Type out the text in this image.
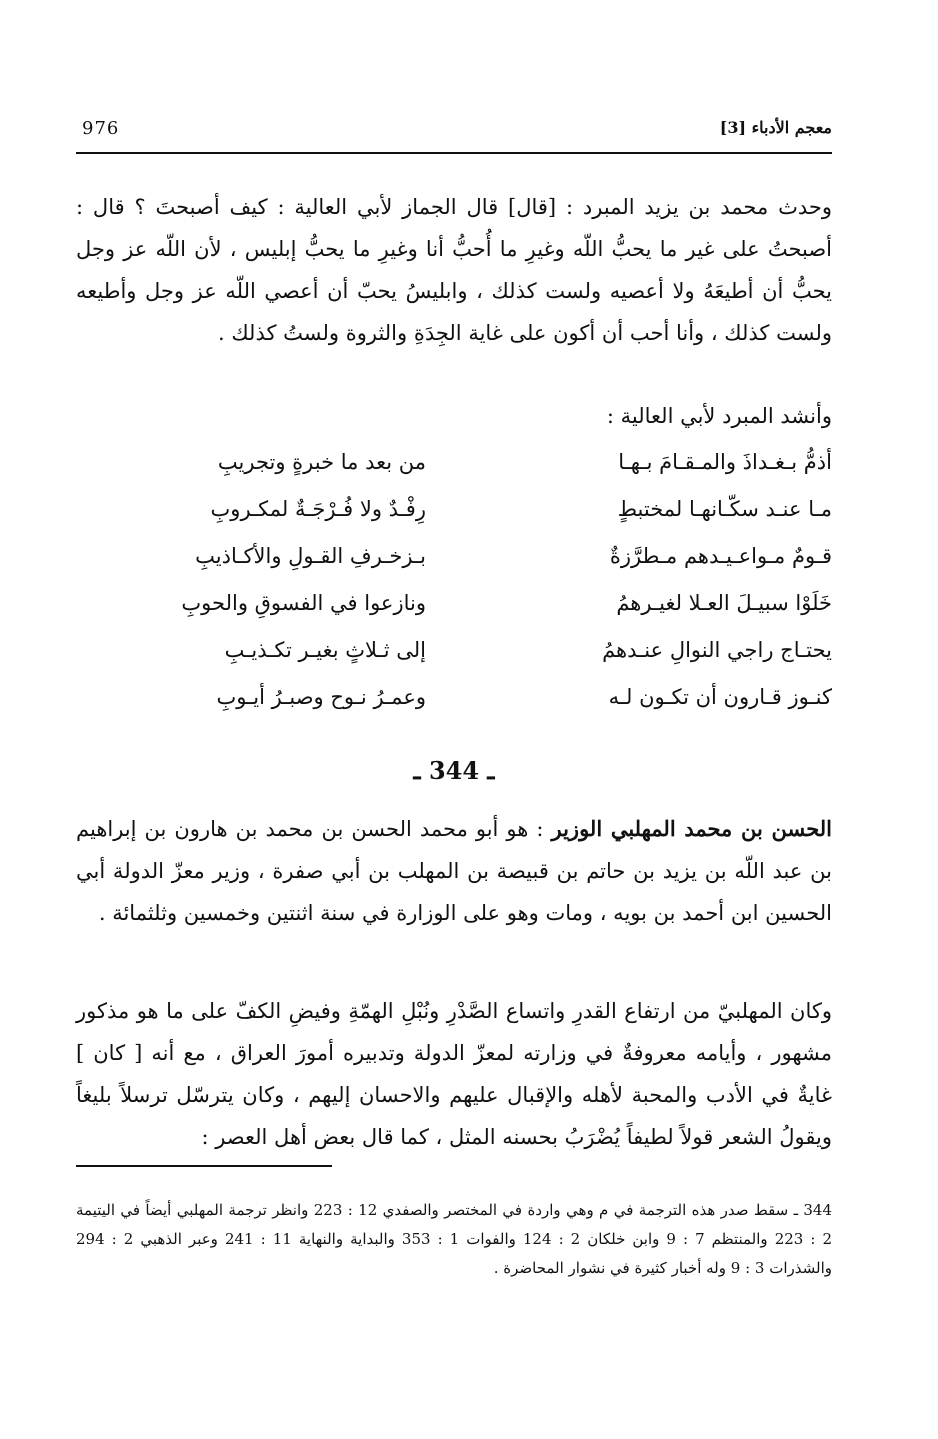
معجم الأدباء [3]
976

وحدث محمد بن يزيد المبرد : [قال] قال الجماز لأبي العالية : كيف أصبحتَ ؟ قال : أصبحتُ على غير ما يحبُّ اللّه وغيرِ ما أُحبُّ أنا وغيرِ ما يحبُّ إبليس ، لأن اللّه عز وجل يحبُّ أن أطيعَهُ ولا أعصيه ولست كذلك ، وابليسُ يحبّ أن أعصي اللّه عز وجل وأطيعه ولست كذلك ، وأنا أحب أن أكون على غاية الجِدَةِ والثروة ولستُ كذلك .

وأنشد المبرد لأبي العالية :
أذمُّ بـغـداذَ والمـقـامَ بـهـا
من بعد ما خبرةٍ وتجريبِ
مـا عنـد سكّـانهـا لمختبطٍ
رِفْـدٌ ولا فُـرْجَـةٌ لمكـروبِ
قـومٌ مـواعـيـدهم مـطرَّزةٌ
بـزخـرفِ القـولِ والأكـاذيبِ
خَلَوْا سبيـلَ العـلا لغيـرهمُ
ونازعوا في الفسوقِ والحوبِ
يحتـاج راجي النوالِ عنـدهمُ
إلى ثـلاثٍ بغيـر تكـذيـبِ
كنـوز قـارون أن تكـون لـه
وعمـرُ نـوح وصبـرُ أيـوبِ
ـ 344 ـ

الحسن بن محمد المهلبي الوزير : هو أبو محمد الحسن بن محمد بن هارون بن إبراهيم بن عبد اللّه بن يزيد بن حاتم بن قبيصة بن المهلب بن أبي صفرة ، وزير معزّ الدولة أبي الحسين ابن أحمد بن بويه ، ومات وهو على الوزارة في سنة اثنتين وخمسين وثلثمائة .

وكان المهلبيّ من ارتفاع القدرِ واتساع الصَّدْرِ ونُبْلِ الهمّةِ وفيضِ الكفّ على ما هو مذكور مشهور ، وأيامه معروفةٌ في وزارته لمعزّ الدولة وتدبيره أمورَ العراق ، مع أنه [ كان ] غايةٌ في الأدب والمحبة لأهله والإقبال عليهم والاحسان إليهم ، وكان يترسّل ترسلاً بليغاً ويقولُ الشعر قولاً لطيفاً يُضْرَبُ بحسنه المثل ، كما قال بعض أهل العصر :

344 ـ سقط صدر هذه الترجمة في م وهي واردة في المختصر والصفدي 12 : 223 وانظر ترجمة المهلبي أيضاً في اليتيمة 2 : 223 والمنتظم 7 : 9 وابن خلكان 2 : 124 والفوات 1 : 353 والبداية والنهاية 11 : 241 وعبر الذهبي 2 : 294 والشذرات 3 : 9 وله أخبار كثيرة في نشوار المحاضرة .
